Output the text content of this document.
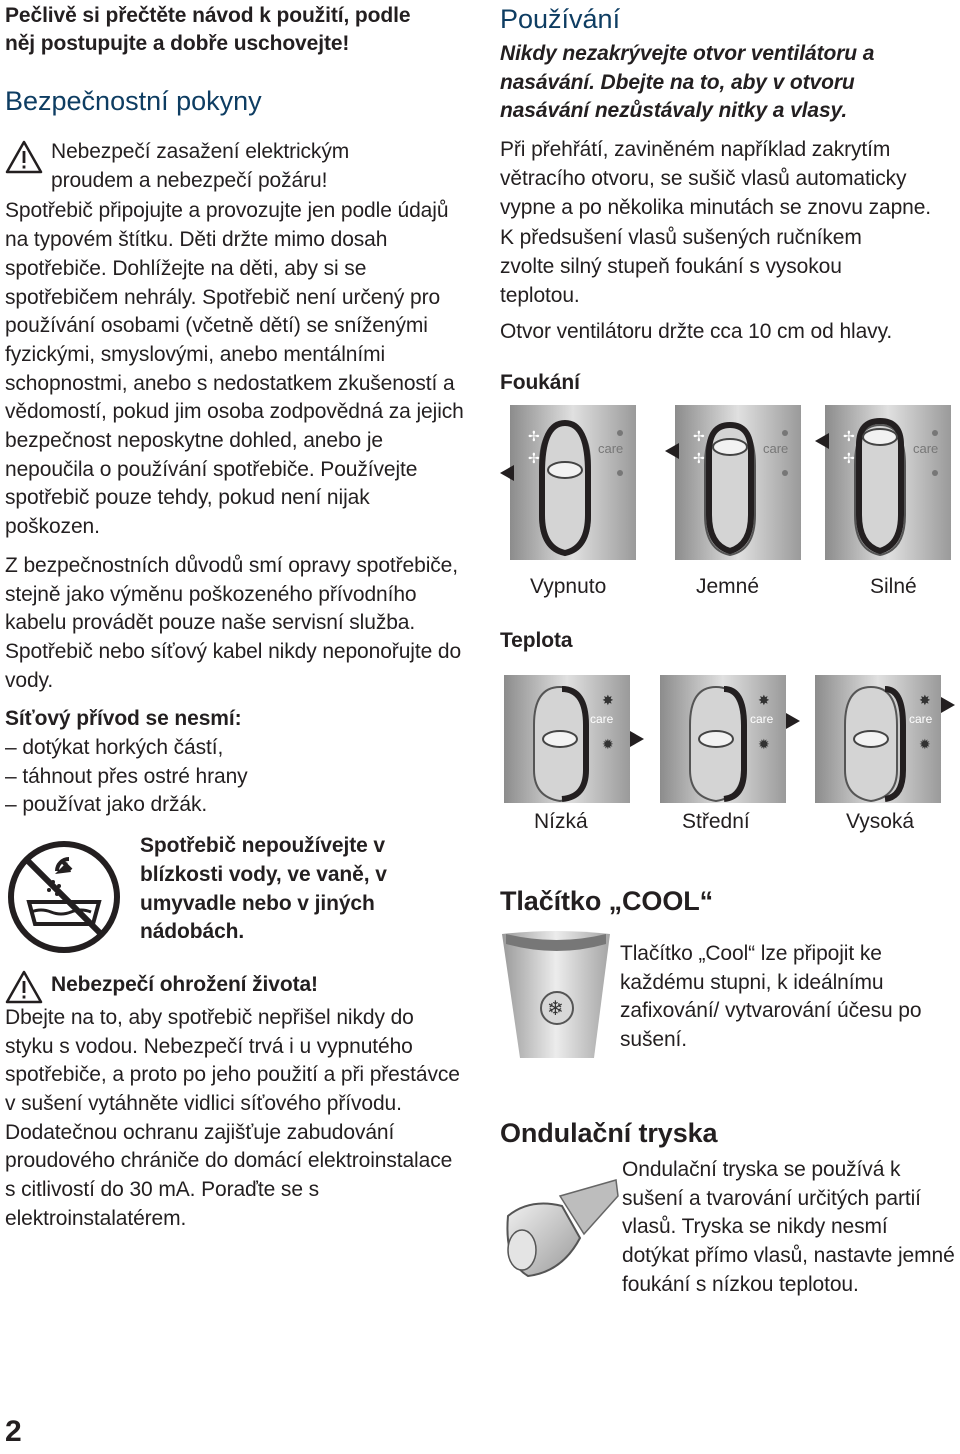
Pečlivě si přečtěte návod k použití, podle něj postupujte a dobře uschovejte!

Bezpečnostní pokyny

Nebezpečí zasažení elektrickým proudem a nebezpečí požáru!

Spotřebič připojujte a provozujte jen podle údajů na typovém štítku. Děti držte mimo dosah spotřebiče. Dohlížejte na děti, aby si se spotřebičem nehrály. Spotřebič není určený pro používání osobami (včetně dětí) se sníženými fyzickými, smyslovými, anebo mentálními schopnostmi, anebo s nedostatkem zkušeností a vědomostí, pokud jim osoba zodpovědná za jejich bezpečnost neposkytne dohled, anebo je nepoučila o používání spotřebiče. Používejte spotřebič pouze tehdy, pokud není nijak poškozen.

Z bezpečnostních důvodů smí opravy spotřebiče, stejně jako výměnu poškozeného přívodního kabelu provádět pouze naše servisní služba. Spotřebič nebo síťový kabel nikdy neponořujte do vody.

Síťový přívod se nesmí:

– dotýkat horkých částí,
– táhnout přes ostré hrany
– používat jako držák.

Spotřebič nepoužívejte v blízkosti vody, ve vaně, v umyvadle nebo v jiných nádobách.

Nebezpečí ohrožení života!

Dbejte na to, aby spotřebič nepřišel nikdy do styku s vodou. Nebezpečí trvá i u vypnutého spotřebiče, a proto po jeho použití a při přestávce v sušení vytáhněte vidlici síťového přívodu. Dodatečnou ochranu zajišťuje zabudování proudového chrániče do domácí elektroinstalace s citlivostí do 30 mA. Poraďte se s elektroinstalatérem.

Používání

Nikdy nezakrývejte otvor ventilátoru a nasávání. Dbejte na to, aby v otvoru nasávání nezůstávaly nitky a vlasy.

Při přehřátí, zaviněném například zakrytím větracího otvoru, se sušič vlasů automaticky vypne a po několika minutách se znovu zapne.

K předsušení vlasů sušených ručníkem zvolte silný stupeň foukání s vysokou teplotou.

Otvor ventilátoru držte cca 10 cm od hlavy.

Foukání

✢
✢
care
✢
✢
care
✢
✢
care
Vypnuto	Jemné	Silné

Teplota

care
✸
✹
care
✸
✹
care
✸
✹
Nízká	Střední	Vysoká

Tlačítko „COOL“

❄

Tlačítko „Cool“ lze připojit ke každému stupni, k ideálnímu zafixování/ vytvarování účesu po sušení.

Ondulační tryska

Ondulační tryska se používá k sušení a tvarování určitých partií vlasů. Tryska se nikdy nesmí dotýkat přímo vlasů, nastavte jemné foukání s nízkou teplotou.

2
